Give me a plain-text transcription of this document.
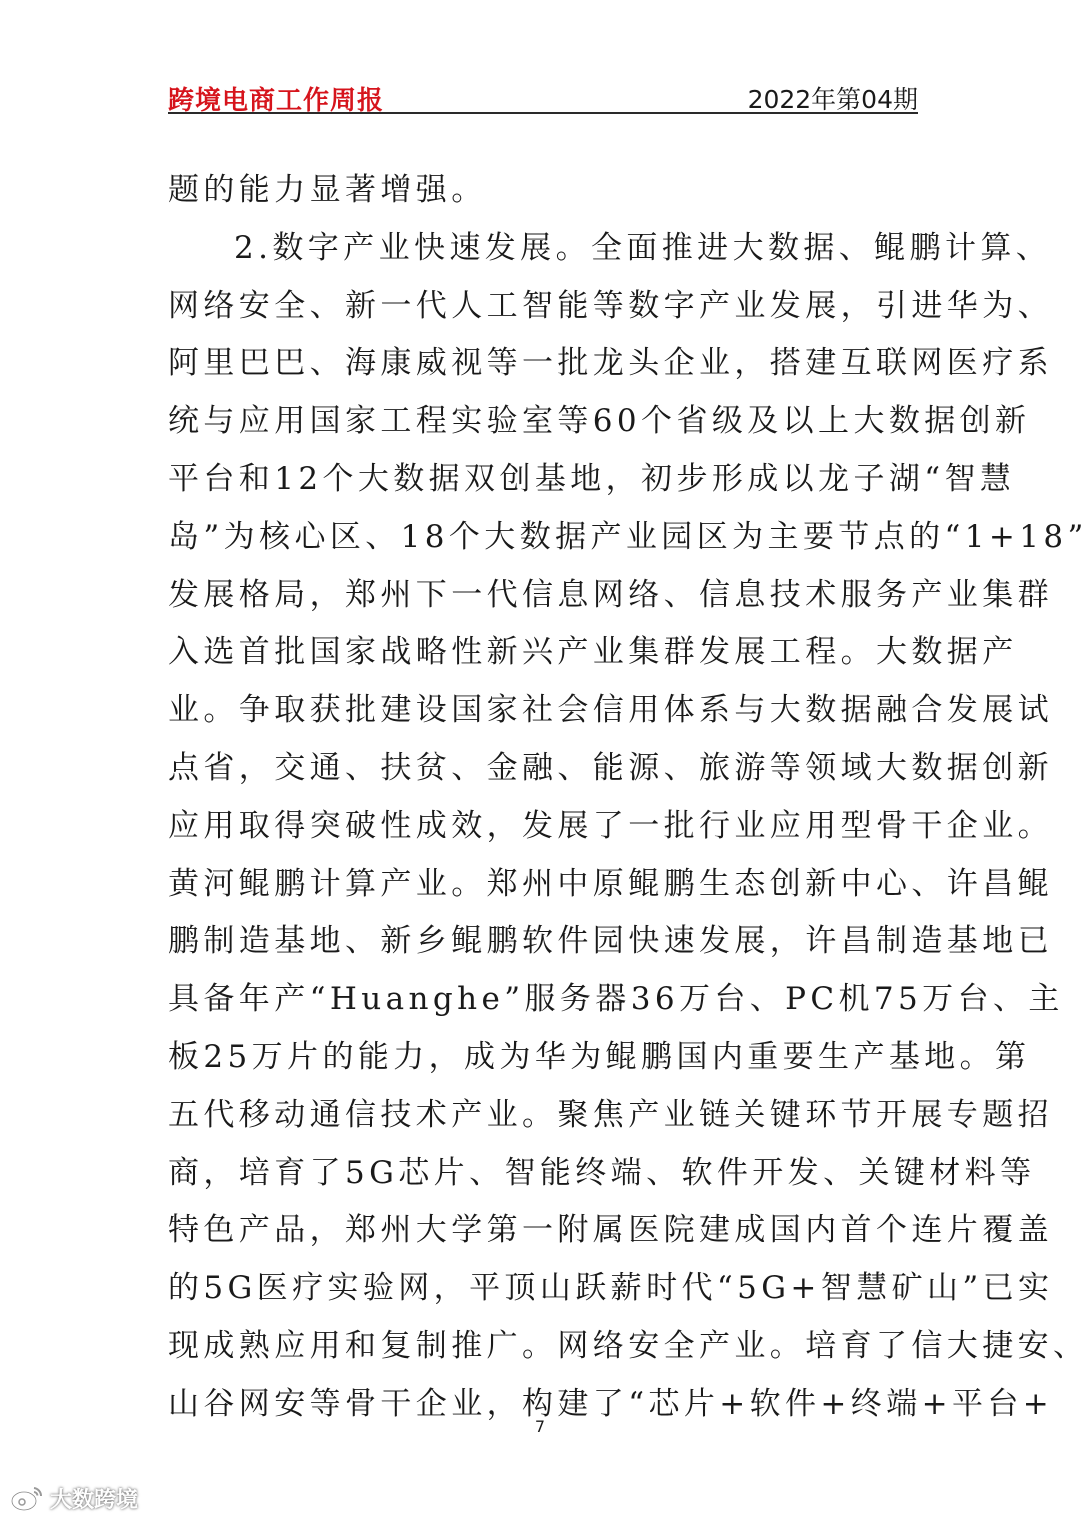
跨境电商工作周报	2022年第04期
题的能力显著增强。
2.数字产业快速发展。全面推进大数据、鲲鹏计算、
网络安全、新一代人工智能等数字产业发展，引进华为、
阿里巴巴、海康威视等一批龙头企业，搭建互联网医疗系
统与应用国家工程实验室等60个省级及以上大数据创新
平台和12个大数据双创基地，初步形成以龙子湖“智慧
岛”为核心区、18个大数据产业园区为主要节点的“1+18”
发展格局，郑州下一代信息网络、信息技术服务产业集群
入选首批国家战略性新兴产业集群发展工程。大数据产
业。争取获批建设国家社会信用体系与大数据融合发展试
点省，交通、扶贫、金融、能源、旅游等领域大数据创新
应用取得突破性成效，发展了一批行业应用型骨干企业。
黄河鲲鹏计算产业。郑州中原鲲鹏生态创新中心、许昌鲲
鹏制造基地、新乡鲲鹏软件园快速发展，许昌制造基地已
具备年产“Huanghe”服务器36万台、PC机75万台、主
板25万片的能力，成为华为鲲鹏国内重要生产基地。第
五代移动通信技术产业。聚焦产业链关键环节开展专题招
商，培育了5G芯片、智能终端、软件开发、关键材料等
特色产品，郑州大学第一附属医院建成国内首个连片覆盖
的5G医疗实验网，平顶山跃薪时代“5G+智慧矿山”已实
现成熟应用和复制推广。网络安全产业。培育了信大捷安、
山谷网安等骨干企业，构建了“芯片+软件+终端+平台+
7
大数跨境
